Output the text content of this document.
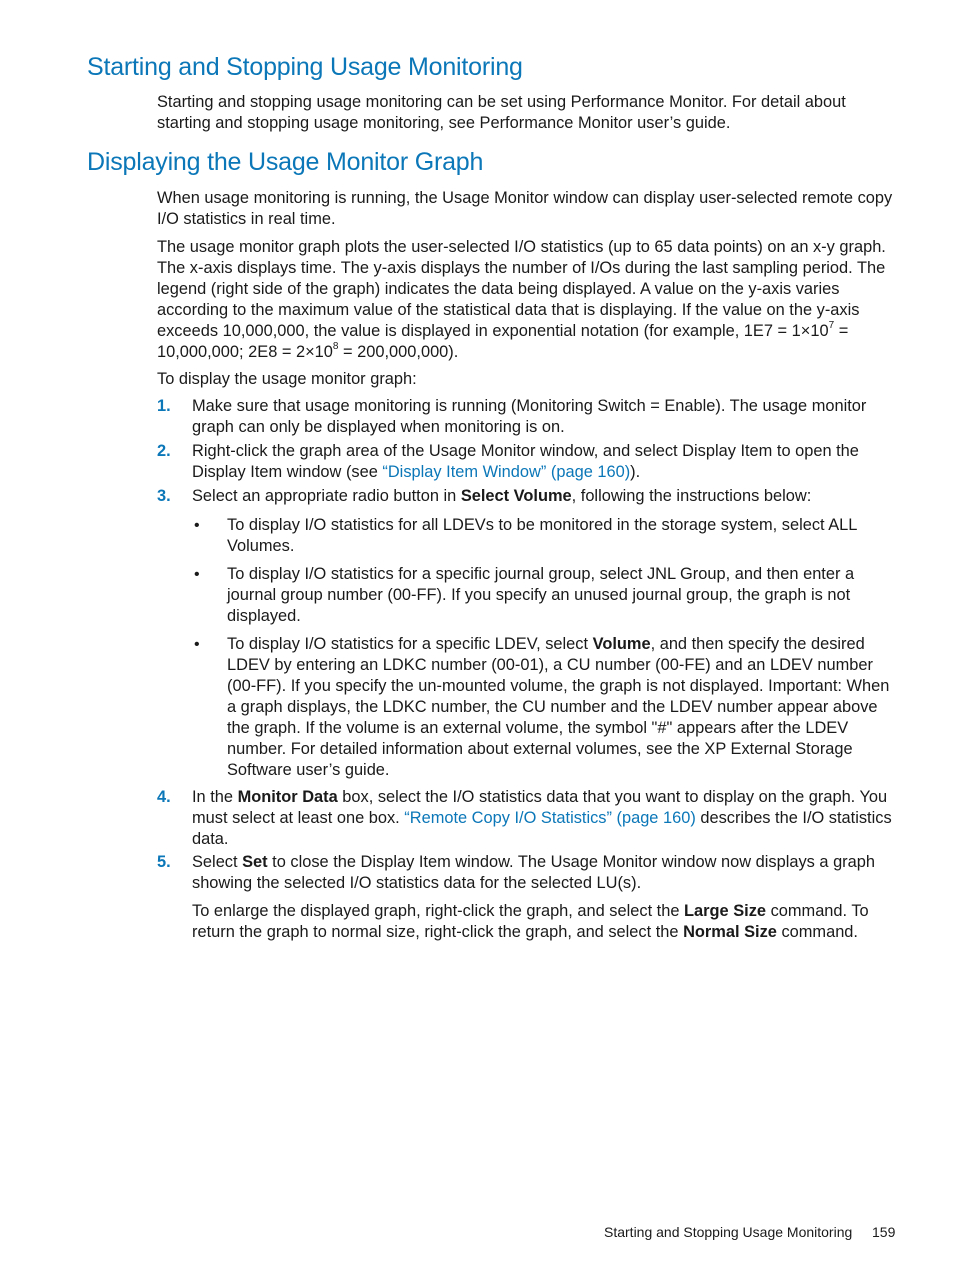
Starting and Stopping Usage Monitoring

Starting and stopping usage monitoring can be set using Performance Monitor. For detail about starting and stopping usage monitoring, see Performance Monitor user’s guide.

Displaying the Usage Monitor Graph

When usage monitoring is running, the Usage Monitor window can display user-selected remote copy I/O statistics in real time.

The usage monitor graph plots the user-selected I/O statistics (up to 65 data points) on an x-y graph. The x-axis displays time. The y-axis displays the number of I/Os during the last sampling period. The legend (right side of the graph) indicates the data being displayed. A value on the y-axis varies according to the maximum value of the statistical data that is displaying. If the value on the y-axis exceeds 10,000,000, the value is displayed in exponential notation (for example, $1E7 = 1\times 10^7 = 10,000,000$; $2E8 = 2\times 10^8 = 200,000,000$).

To display the usage monitor graph:

1. Make sure that usage monitoring is running (Monitoring Switch = Enable). The usage monitor graph can only be displayed when monitoring is on.

2. Right-click the graph area of the Usage Monitor window, and select Display Item to open the Display Item window (see “Display Item Window” (page 160)).

3. Select an appropriate radio button in Select Volume, following the instructions below:

• To display I/O statistics for all LDEVs to be monitored in the storage system, select ALL Volumes.

• To display I/O statistics for a specific journal group, select JNL Group, and then enter a journal group number (00-FF). If you specify an unused journal group, the graph is not displayed.

• To display I/O statistics for a specific LDEV, select Volume, and then specify the desired LDEV by entering an LDKC number (00-01), a CU number (00-FE) and an LDEV number (00-FF). If you specify the un-mounted volume, the graph is not displayed. Important: When a graph displays, the LDKC number, the CU number and the LDEV number appear above the graph. If the volume is an external volume, the symbol "#" appears after the LDEV number. For detailed information about external volumes, see the XP External Storage Software user’s guide.

4. In the Monitor Data box, select the I/O statistics data that you want to display on the graph. You must select at least one box. “Remote Copy I/O Statistics” (page 160) describes the I/O statistics data.

5. Select Set to close the Display Item window. The Usage Monitor window now displays a graph showing the selected I/O statistics data for the selected LU(s).

To enlarge the displayed graph, right-click the graph, and select the Large Size command. To return the graph to normal size, right-click the graph, and select the Normal Size command.

Starting and Stopping Usage Monitoring 159
